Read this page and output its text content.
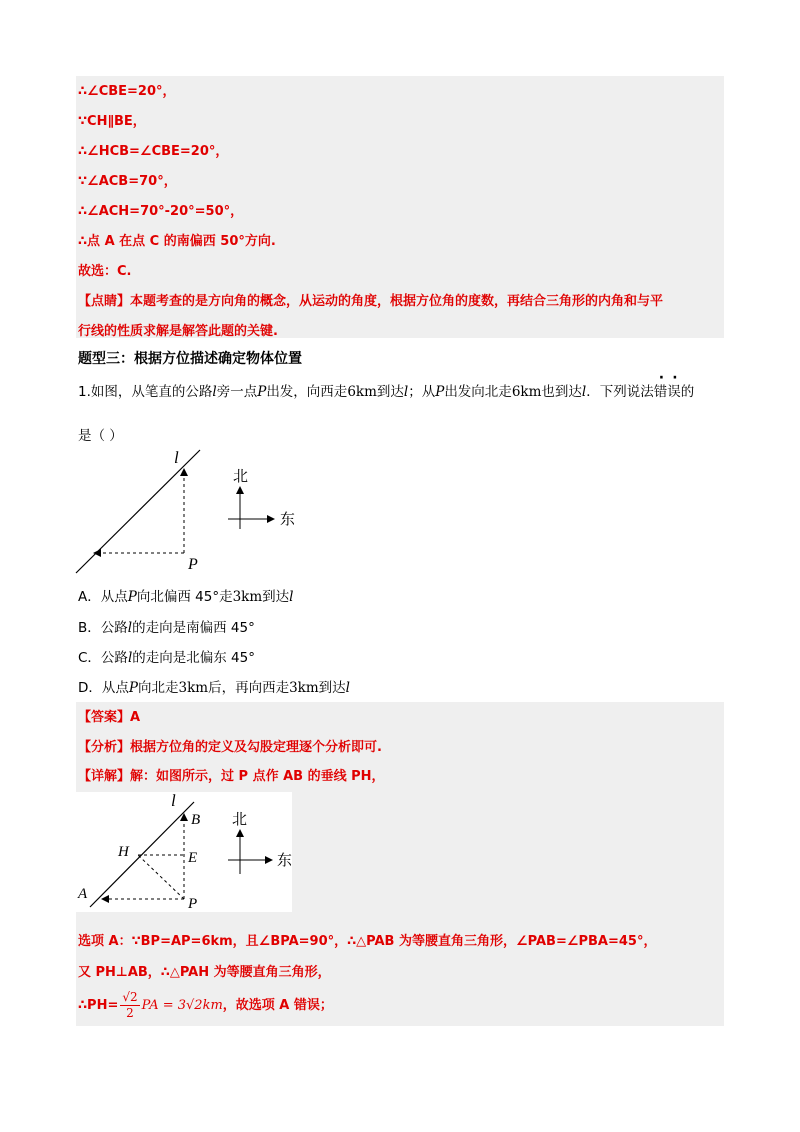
∴∠CBE=20°，
∵CH∥BE，
∴∠HCB=∠CBE=20°，
∵∠ACB=70°，
∴∠ACH=70°-20°=50°，
∴点 A 在点 C 的南偏西 50°方向.
故选：C.
【点睛】本题考查的是方向角的概念，从运动的角度，根据方位角的度数，再结合三角形的内角和与平
行线的性质求解是解答此题的关键.
题型三：根据方位描述确定物体位置
1.如图，从笔直的公路l旁一点P出发，向西走6km到达l；从P出发向北走6km也到达l．下列说法错误的
是（ ）
l
P
北
东
A．从点P向北偏西 45°走3km到达l
B．公路l的走向是南偏西 45°
C．公路l的走向是北偏东 45°
D．从点P向北走3km后，再向西走3km到达l
【答案】A
【分析】根据方位角的定义及勾股定理逐个分析即可.
【详解】解：如图所示，过 P 点作 AB 的垂线 PH，
l
B
H	E
A
P
北
东
选项 A：∵BP=AP=6km，且∠BPA=90°，∴△PAB 为等腰直角三角形，∠PAB=∠PBA=45°，
又 PH⊥AB，∴△PAH 为等腰直角三角形，
∴PH= $\frac{√2}{2}$ PA = 3√2km，故选项 A 错误；
